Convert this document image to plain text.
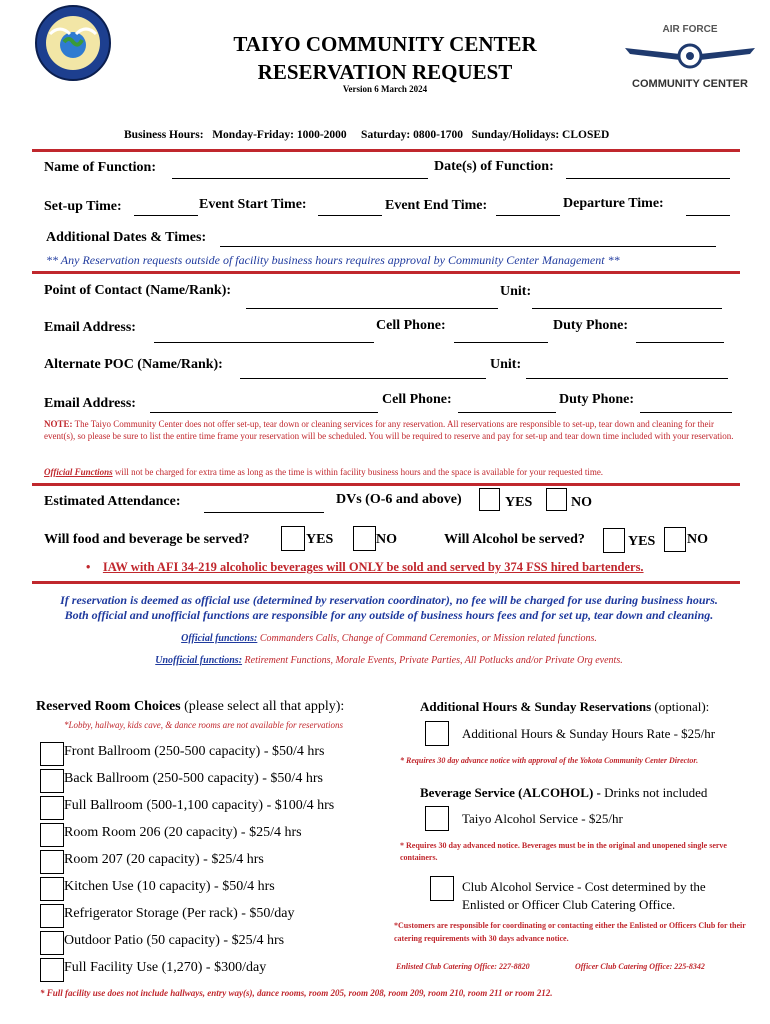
TAIYO COMMUNITY CENTER
RESERVATION REQUEST
Version 6 March 2024
AIR FORCE
COMMUNITY CENTER
Business Hours: Monday-Friday: 1000-2000 Saturday: 0800-1700 Sunday/Holidays: CLOSED
Name of Function:	Date(s) of Function:
Set-up Time:	Event Start Time:	Event End Time:	Departure Time:
Additional Dates & Times:
** Any Reservation requests outside of facility business hours requires approval by Community Center Management **
Point of Contact (Name/Rank):	Unit:
Email Address:	Cell Phone:	Duty Phone:
Alternate POC (Name/Rank):	Unit:
Email Address:	Cell Phone:	Duty Phone:
NOTE: The Taiyo Community Center does not offer set-up, tear down or cleaning services for any reservation. All reservations are responsible to set-up, tear down and cleaning for their event(s), so please be sure to list the entire time frame your reservation will be scheduled. You will be required to reserve and pay for set-up and tear down time included with your reservation.
Official Functions will not be charged for extra time as long as the time is within facility business hours and the space is available for your requested time.
Estimated Attendance:	DVs (O-6 and above)	YES	NO
Will food and beverage be served?	YES	NO	Will Alcohol be served?	YES NO
• IAW with AFI 34-219 alcoholic beverages will ONLY be sold and served by 374 FSS hired bartenders.
If reservation is deemed as official use (determined by reservation coordinator), no fee will be charged for use during business hours.
Both official and unofficial functions are responsible for any outside of business hours fees and for set up, tear down and cleaning.
Official functions: Commanders Calls, Change of Command Ceremonies, or Mission related functions.
Unofficial functions: Retirement Functions, Morale Events, Private Parties, All Potlucks and/or Private Org events.
Reserved Room Choices (please select all that apply):
*Lobby, hallway, kids cave, & dance rooms are not available for reservations
Front Ballroom (250-500 capacity) - $50/4 hrs
Back Ballroom (250-500 capacity) - $50/4 hrs
Full Ballroom (500-1,100 capacity) - $100/4 hrs
Room Room 206 (20 capacity) - $25/4 hrs
Room 207 (20 capacity) - $25/4 hrs
Kitchen Use (10 capacity) - $50/4 hrs
Refrigerator Storage (Per rack) - $50/day
Outdoor Patio (50 capacity) - $25/4 hrs
Full Facility Use (1,270) - $300/day
* Full facility use does not include hallways, entry way(s), dance rooms, room 205, room 208, room 209, room 210, room 211 or room 212.
Additional Hours & Sunday Reservations (optional):
Additional Hours & Sunday Hours Rate - $25/hr
* Requires 30 day advance notice with approval of the Yokota Community Center Director.
Beverage Service (ALCOHOL) - Drinks not included
Taiyo Alcohol Service - $25/hr
* Requires 30 day advanced notice. Beverages must be in the original and unopened single serve containers.
Club Alcohol Service - Cost determined by the
Enlisted or Officer Club Catering Office.
*Customers are responsible for coordinating or contacting either the Enlisted or Officers Club for their catering requirements with 30 days advance notice.
Enlisted Club Catering Office: 227-8820	Officer Club Catering Office: 225-8342
